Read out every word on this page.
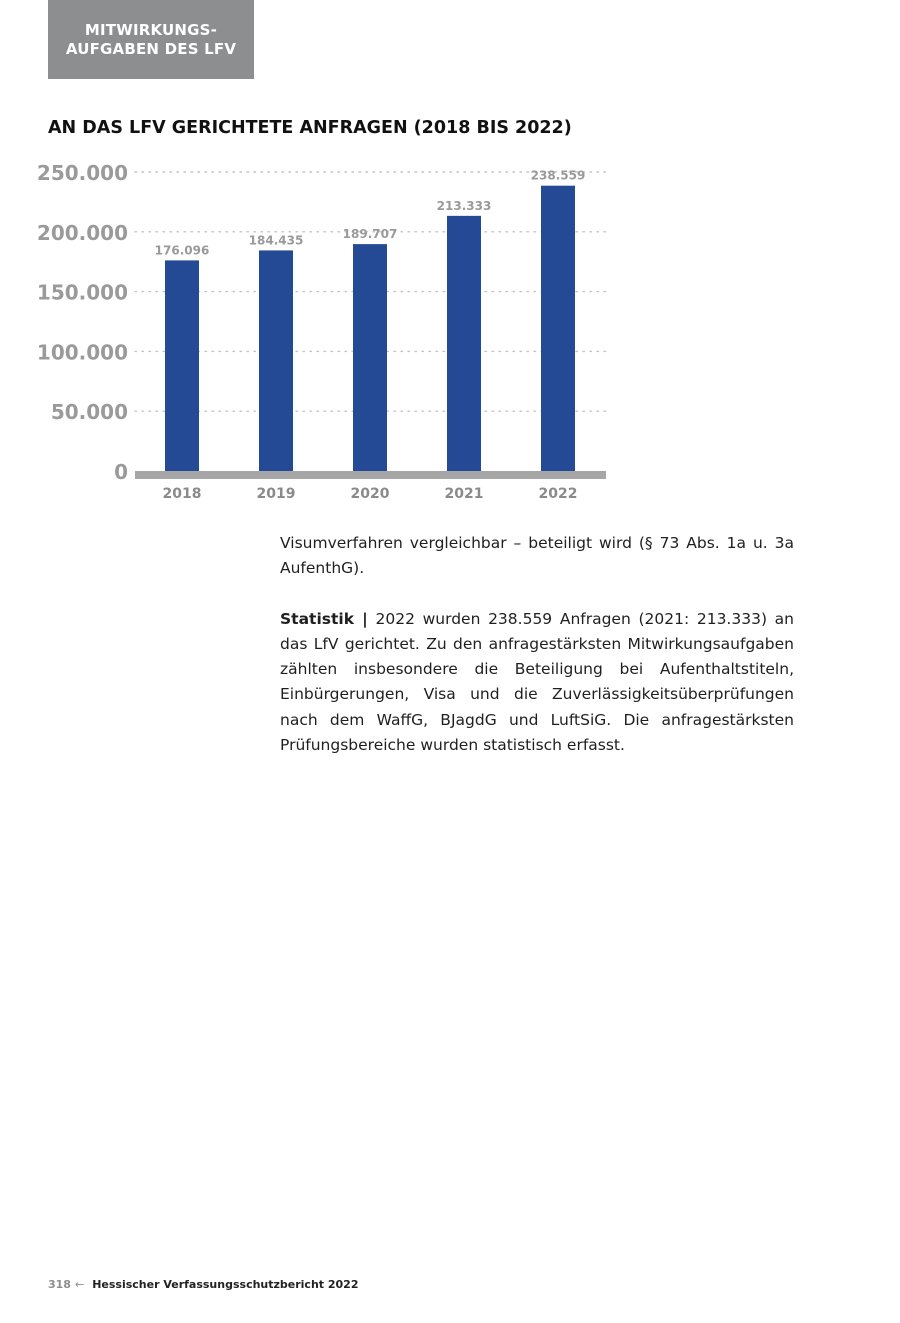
MITWIRKUNGS-
AUFGABEN DES LFV
AN DAS LFV GERICHTETE ANFRAGEN (2018 BIS 2022)
0
50.000
100.000
150.000
200.000
250.000
176.096
184.435	189.707
213.333
238.559
2018	2019	2020	2021	2022

Visumverfahren vergleichbar – beteiligt wird (§ 73 Abs. 1a u. 3a AufenthG).

Statistik | 2022 wurden 238.559 Anfragen (2021: 213.333) an das LfV gerichtet. Zu den anfragestärksten Mitwirkungsaufgaben zählten insbesondere die Beteiligung bei Aufenthaltstiteln, Einbürgerungen, Visa und die Zuverlässigkeitsüberprüfungen nach dem WaffG, BJagdG und LuftSiG. Die anfragestärksten Prüfungsbereiche wurden statistisch erfasst.

318 ← Hessischer Verfassungsschutzbericht 2022
